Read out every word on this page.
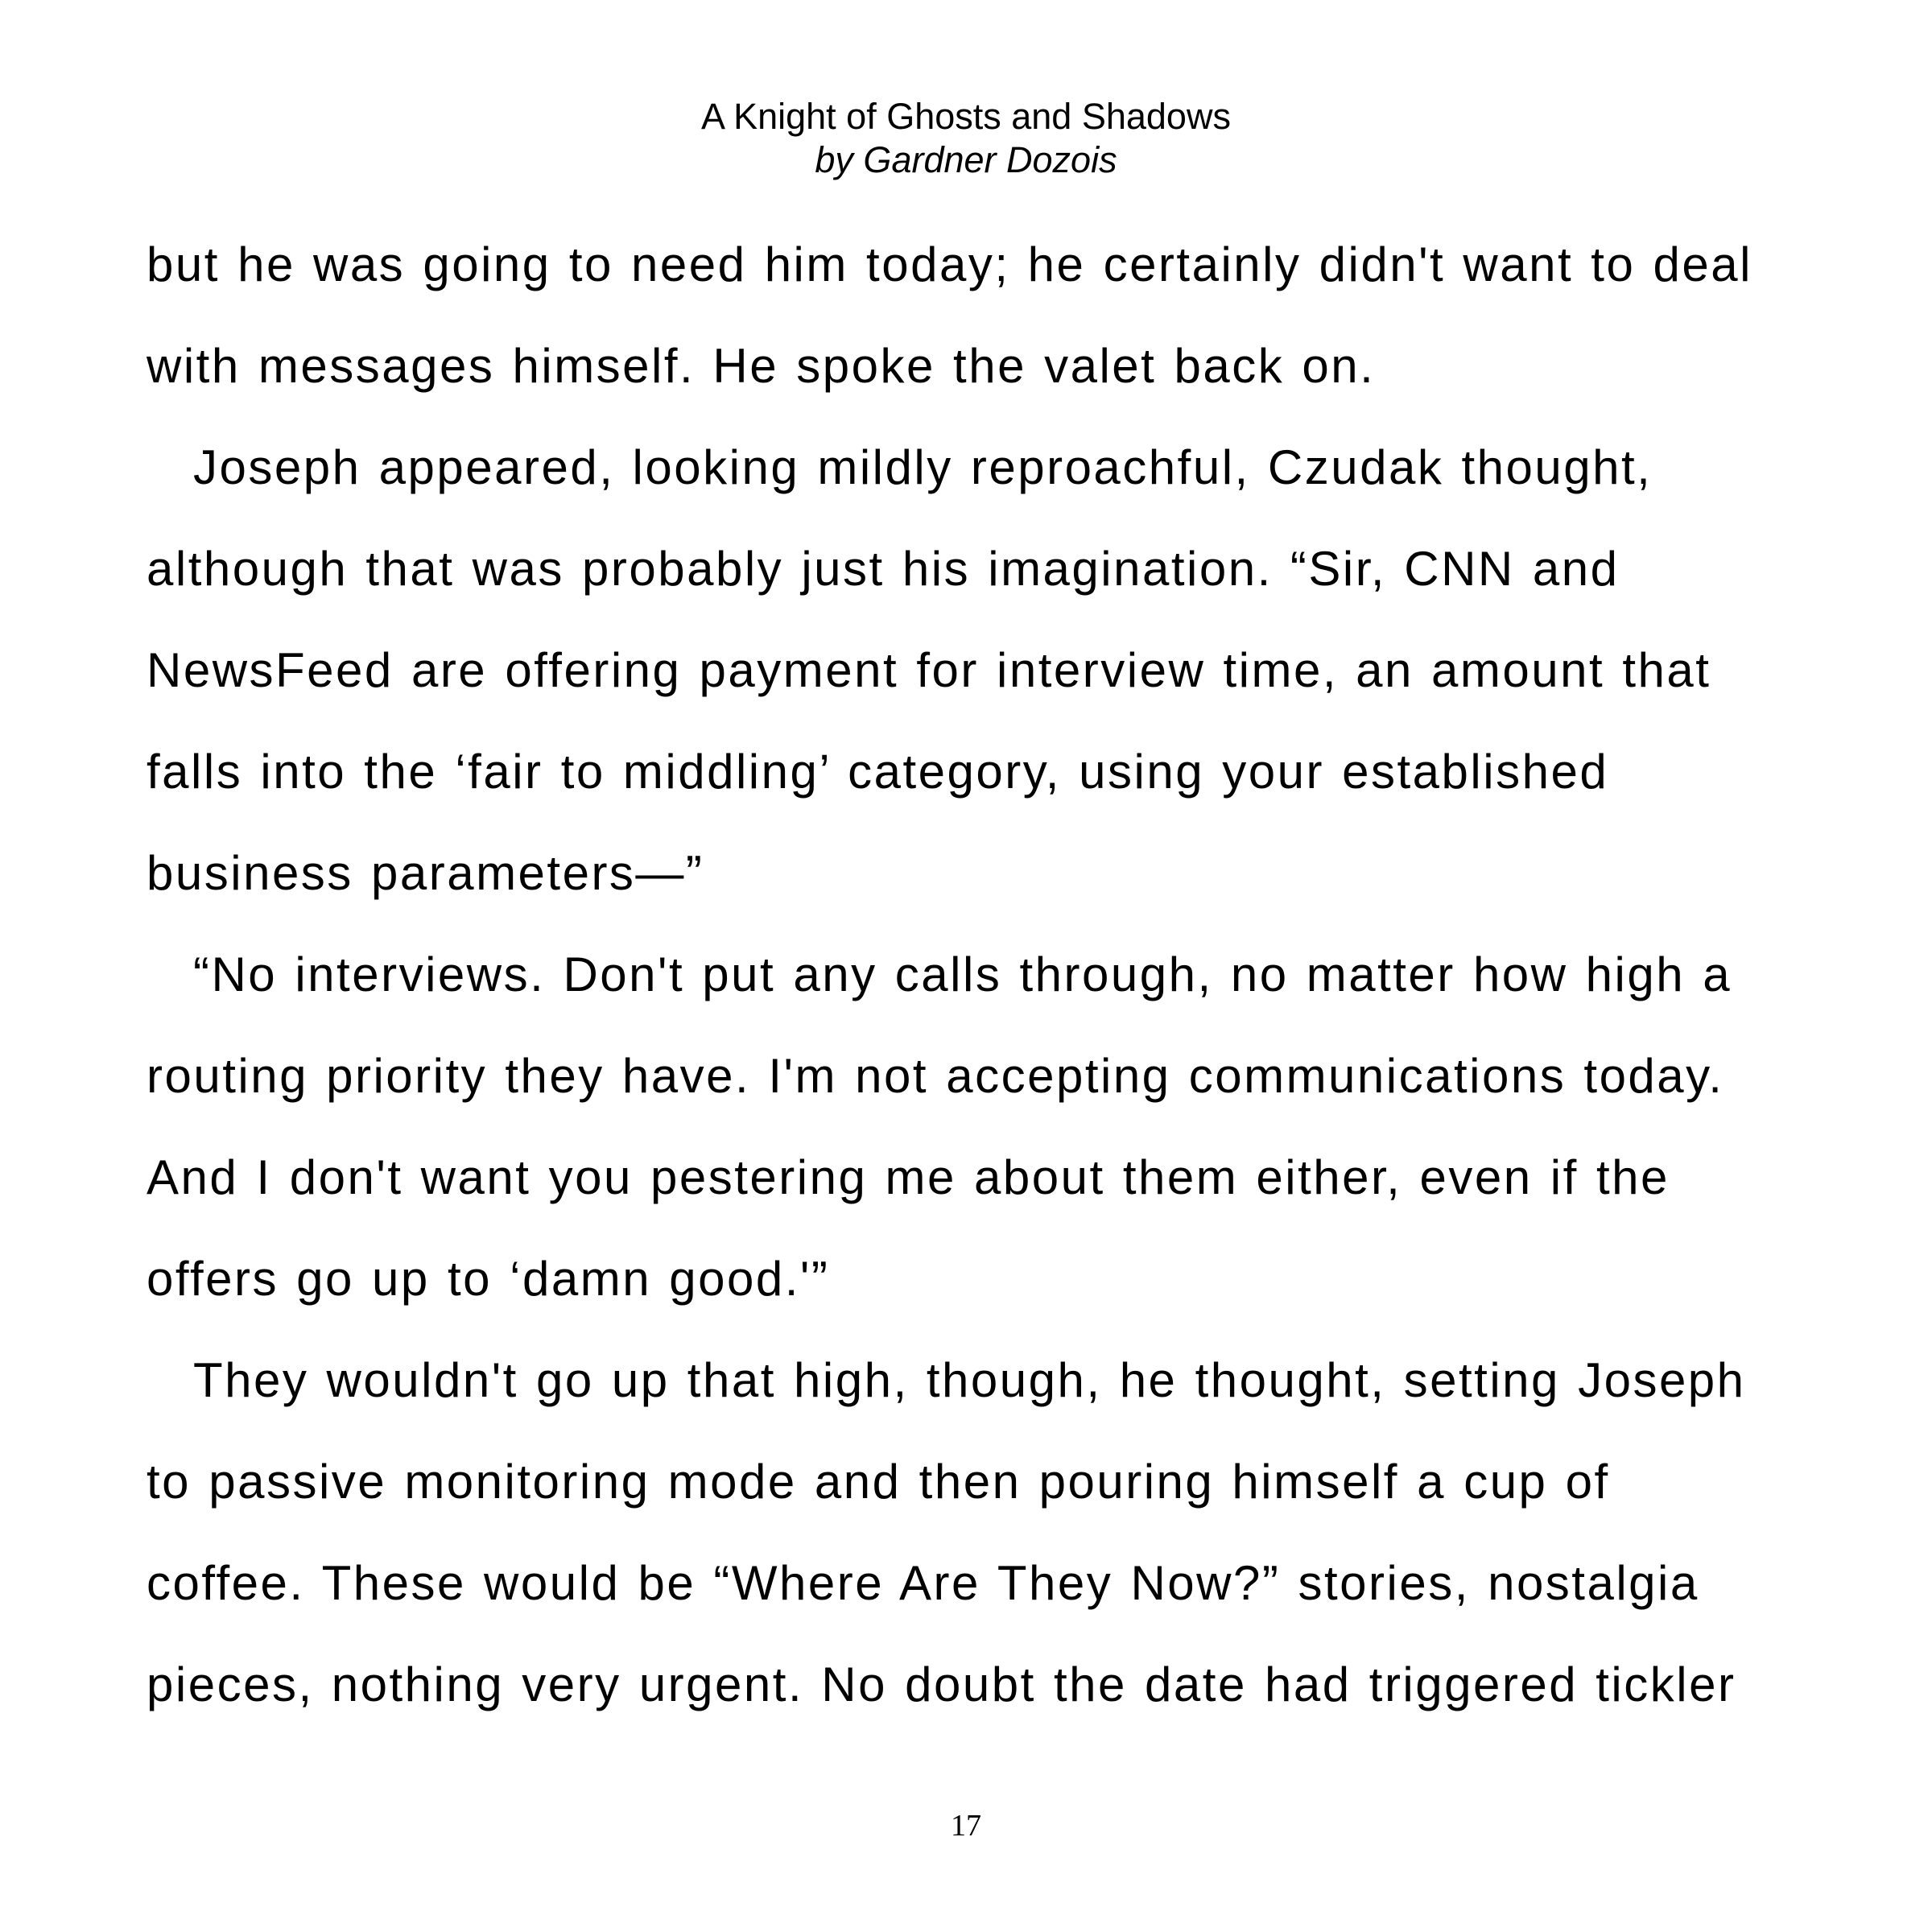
A Knight of Ghosts and Shadows
by Gardner Dozois
but he was going to need him today; he certainly didn't want to deal
with messages himself. He spoke the valet back on.
Joseph appeared, looking mildly reproachful, Czudak thought,
although that was probably just his imagination. “Sir, CNN and
NewsFeed are offering payment for interview time, an amount that
falls into the ‘fair to middling’ category, using your established
business parameters—”
“No interviews. Don't put any calls through, no matter how high a
routing priority they have. I'm not accepting communications today.
And I don't want you pestering me about them either, even if the
offers go up to ‘damn good.'”
They wouldn't go up that high, though, he thought, setting Joseph
to passive monitoring mode and then pouring himself a cup of
coffee. These would be “Where Are They Now?” stories, nostalgia
pieces, nothing very urgent. No doubt the date had triggered tickler
17
